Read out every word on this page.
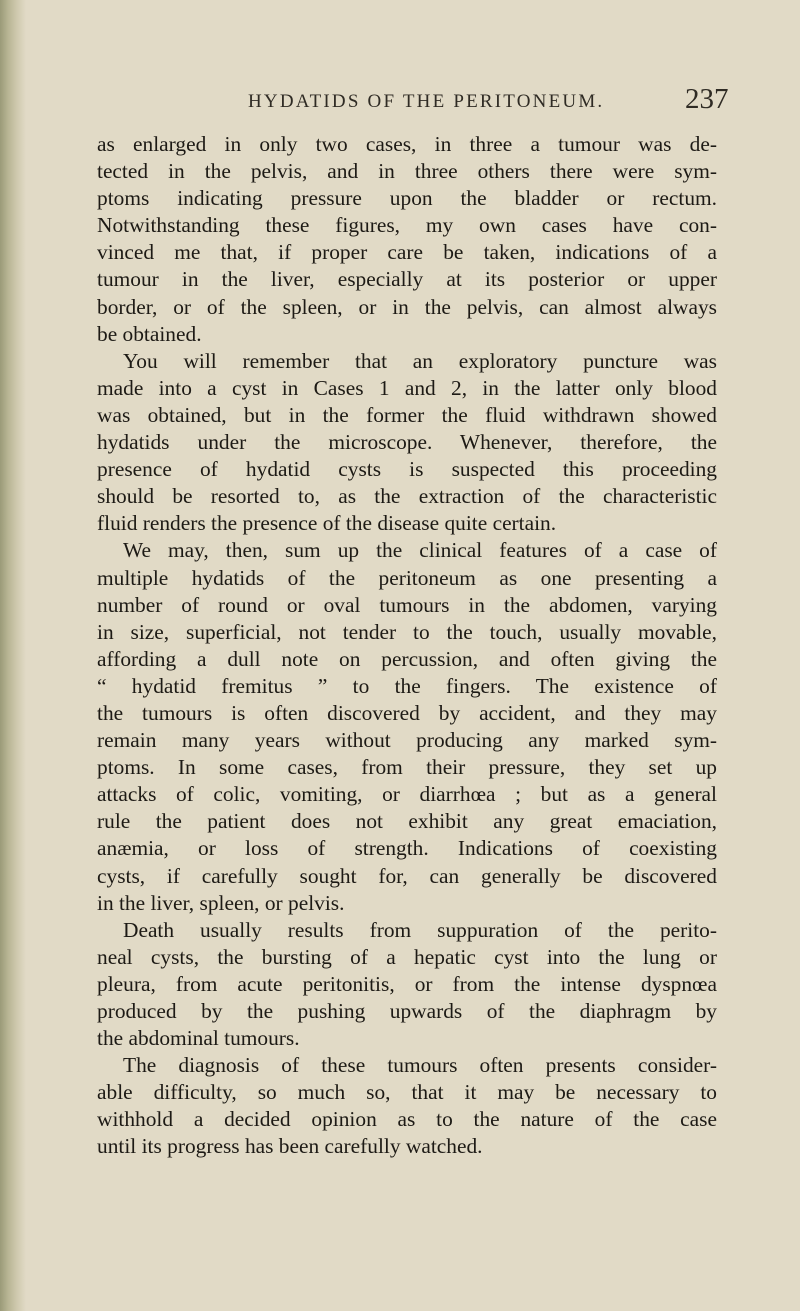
HYDATIDS OF THE PERITONEUM.	237
as enlarged in only two cases, in three a tumour was de-
tected in the pelvis, and in three others there were sym-
ptoms indicating pressure upon the bladder or rectum.
Notwithstanding these figures, my own cases have con-
vinced me that, if proper care be taken, indications of a
tumour in the liver, especially at its posterior or upper
border, or of the spleen, or in the pelvis, can almost always
be obtained.
You will remember that an exploratory puncture was
made into a cyst in Cases 1 and 2, in the latter only blood
was obtained, but in the former the fluid withdrawn showed
hydatids under the microscope. Whenever, therefore, the
presence of hydatid cysts is suspected this proceeding
should be resorted to, as the extraction of the characteristic
fluid renders the presence of the disease quite certain.
We may, then, sum up the clinical features of a case of
multiple hydatids of the peritoneum as one presenting a
number of round or oval tumours in the abdomen, varying
in size, superficial, not tender to the touch, usually movable,
affording a dull note on percussion, and often giving the
“ hydatid fremitus ” to the fingers. The existence of
the tumours is often discovered by accident, and they may
remain many years without producing any marked sym-
ptoms. In some cases, from their pressure, they set up
attacks of colic, vomiting, or diarrhœa ; but as a general
rule the patient does not exhibit any great emaciation,
anæmia, or loss of strength. Indications of coexisting
cysts, if carefully sought for, can generally be discovered
in the liver, spleen, or pelvis.
Death usually results from suppuration of the perito-
neal cysts, the bursting of a hepatic cyst into the lung or
pleura, from acute peritonitis, or from the intense dyspnœa
produced by the pushing upwards of the diaphragm by
the abdominal tumours.
The diagnosis of these tumours often presents consider-
able difficulty, so much so, that it may be necessary to
withhold a decided opinion as to the nature of the case
until its progress has been carefully watched.
